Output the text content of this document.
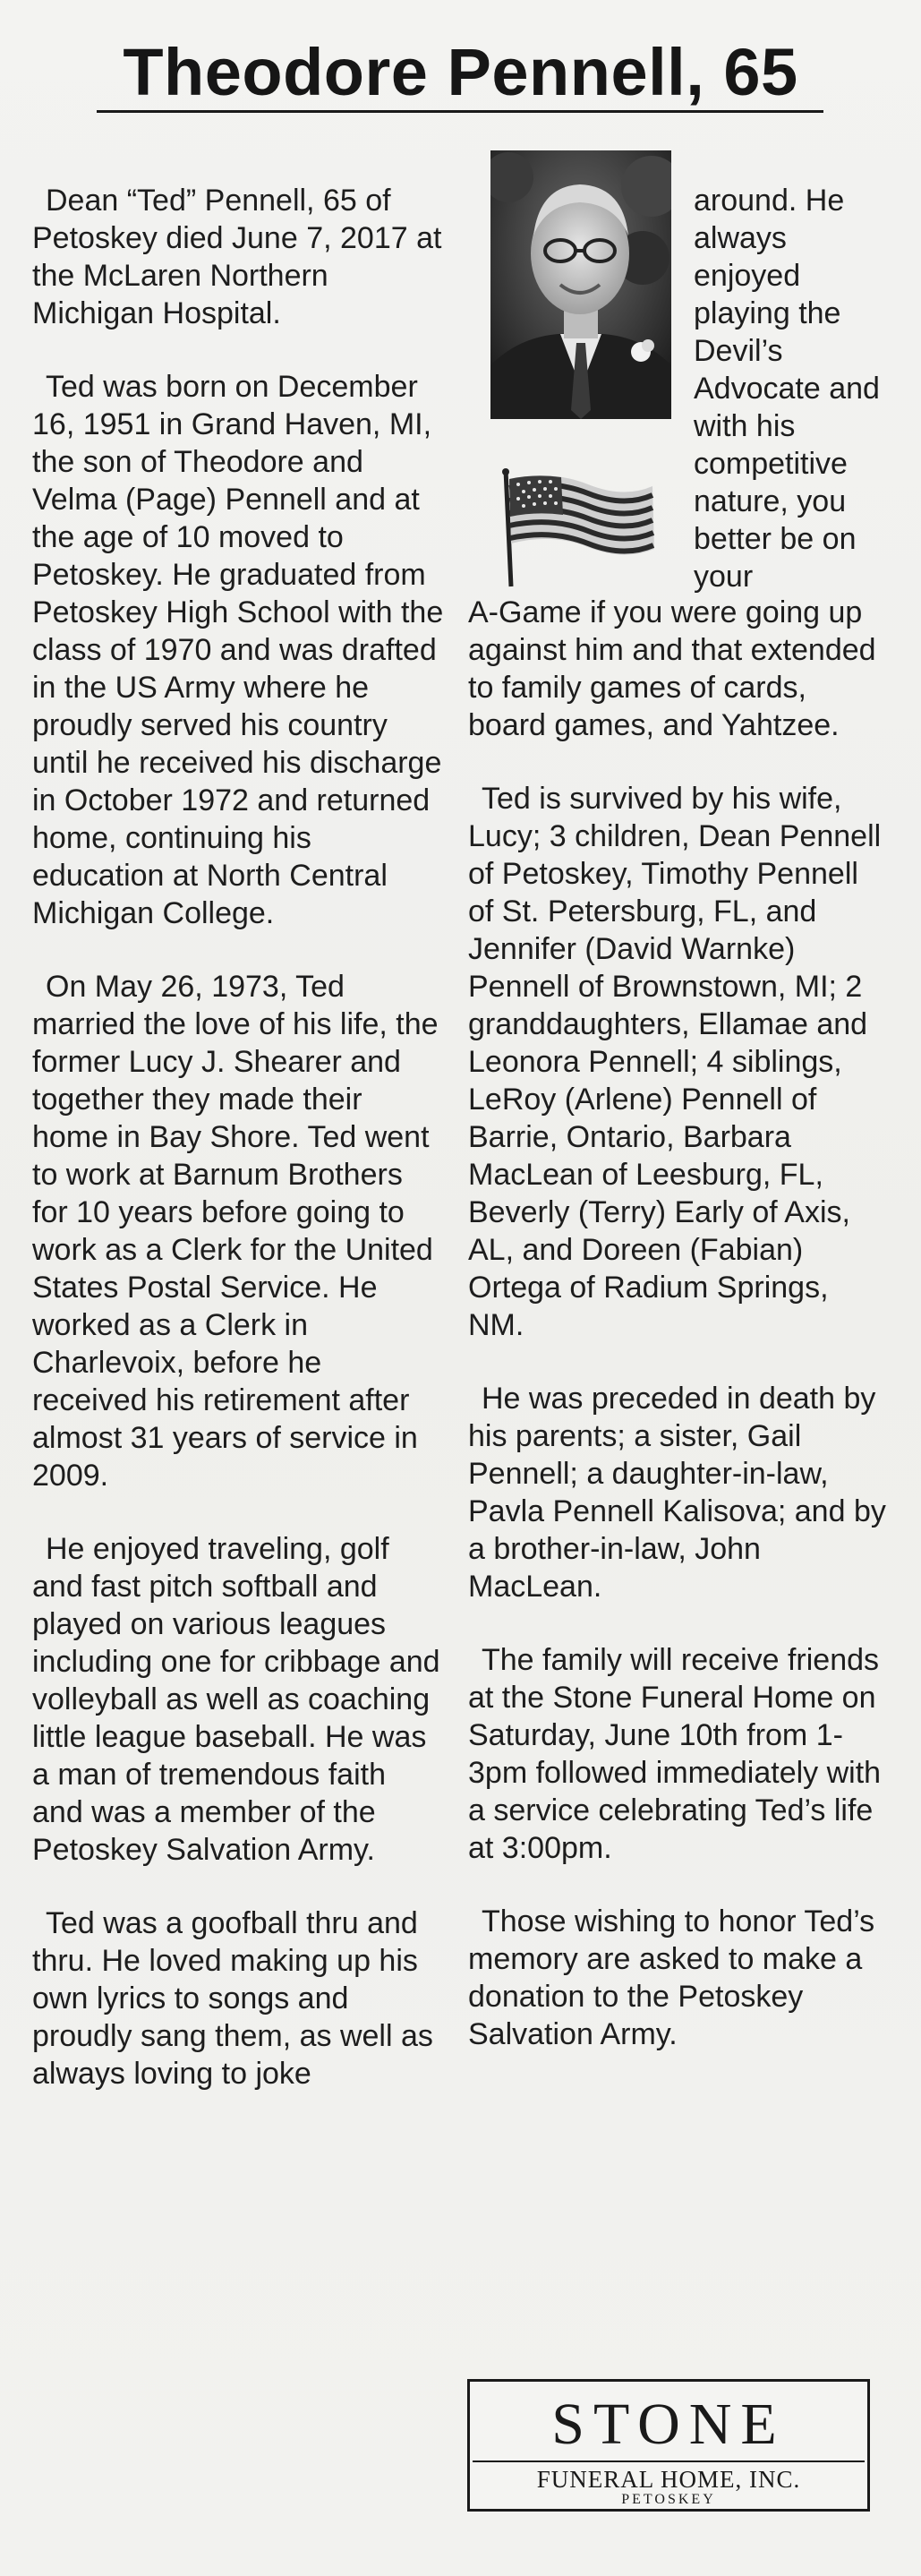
Theodore Pennell, 65

Dean “Ted” Pennell, 65 of Petoskey died June 7, 2017 at the McLaren Northern Michigan Hospital.

Ted was born on December 16, 1951 in Grand Haven, MI, the son of Theodore and Velma (Page) Pennell and at the age of 10 moved to Petoskey. He graduated from Petoskey High School with the class of 1970 and was drafted in the US Army where he proudly served his country until he received his discharge in October 1972 and returned home, continuing his education at North Central Michigan College.

On May 26, 1973, Ted married the love of his life, the former Lucy J. Shearer and together they made their home in Bay Shore. Ted went to work at Barnum Brothers for 10 years before going to work as a Clerk for the United States Postal Service. He worked as a Clerk in Charlevoix, before he received his retirement after almost 31 years of service in 2009.

He enjoyed traveling, golf and fast pitch softball and played on various leagues including one for cribbage and volleyball as well as coaching little league baseball. He was a man of tremendous faith and was a member of the Petoskey Salvation Army.

Ted was a goofball thru and thru. He loved making up his own lyrics to songs and proudly sang them, as well as always loving to joke

around. He always enjoyed playing the Devil’s Advocate and with his competitive nature, you better be on your

A-Game if you were going up against him and that extended to family games of cards, board games, and Yahtzee.

Ted is survived by his wife, Lucy; 3 children, Dean Pennell of Petoskey, Timothy Pennell of St. Petersburg, FL, and Jennifer (David Warnke) Pennell of Brownstown, MI; 2 granddaughters, Ellamae and Leonora Pennell; 4 siblings, LeRoy (Arlene) Pennell of Barrie, Ontario, Barbara MacLean of Leesburg, FL, Beverly (Terry) Early of Axis, AL, and Doreen (Fabian) Ortega of Radium Springs, NM.

He was preceded in death by his parents; a sister, Gail Pennell; a daughter-in-law, Pavla Pennell Kalisova; and by a brother-in-law, John MacLean.

The family will receive friends at the Stone Funeral Home on Saturday, June 10th from 1-3pm followed immediately with a service celebrating Ted’s life at 3:00pm.

Those wishing to honor Ted’s memory are asked to make a donation to the Petoskey Salvation Army.

STONE
FUNERAL HOME, INC.
PETOSKEY
